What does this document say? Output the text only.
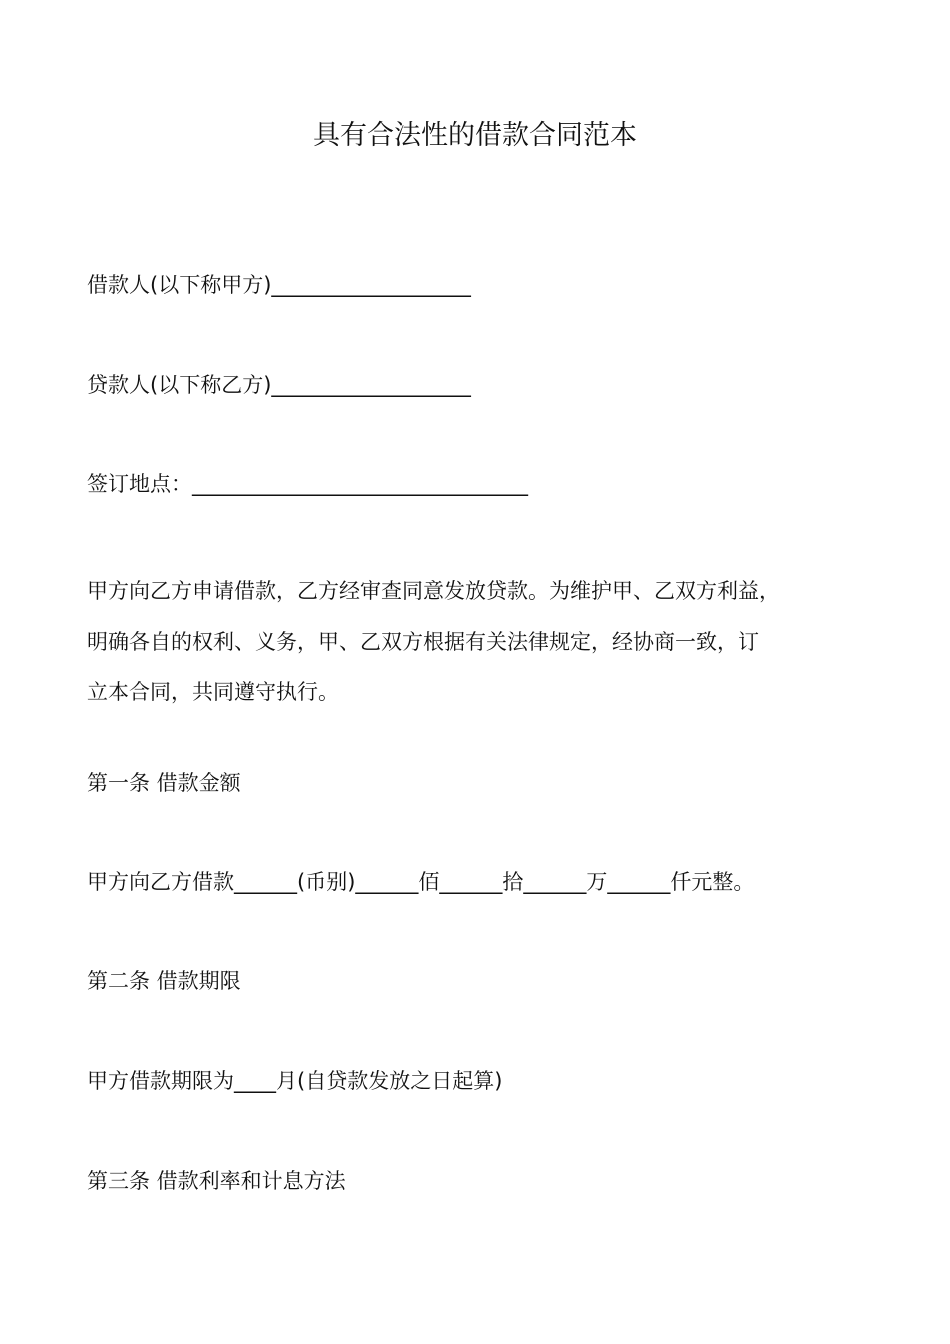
具有合法性的借款合同范本

借款人(以下称甲方)___________________

贷款人(以下称乙方)___________________

签订地点：________________________________

甲方向乙方申请借款，乙方经审查同意发放贷款。为维护甲、乙双方利益，
明确各自的权利、义务，甲、乙双方根据有关法律规定，经协商一致，订
立本合同，共同遵守执行。

第一条 借款金额

甲方向乙方借款______(币别)______佰______拾______万______仟元整。

第二条 借款期限

甲方借款期限为____月(自贷款发放之日起算)

第三条 借款利率和计息方法
